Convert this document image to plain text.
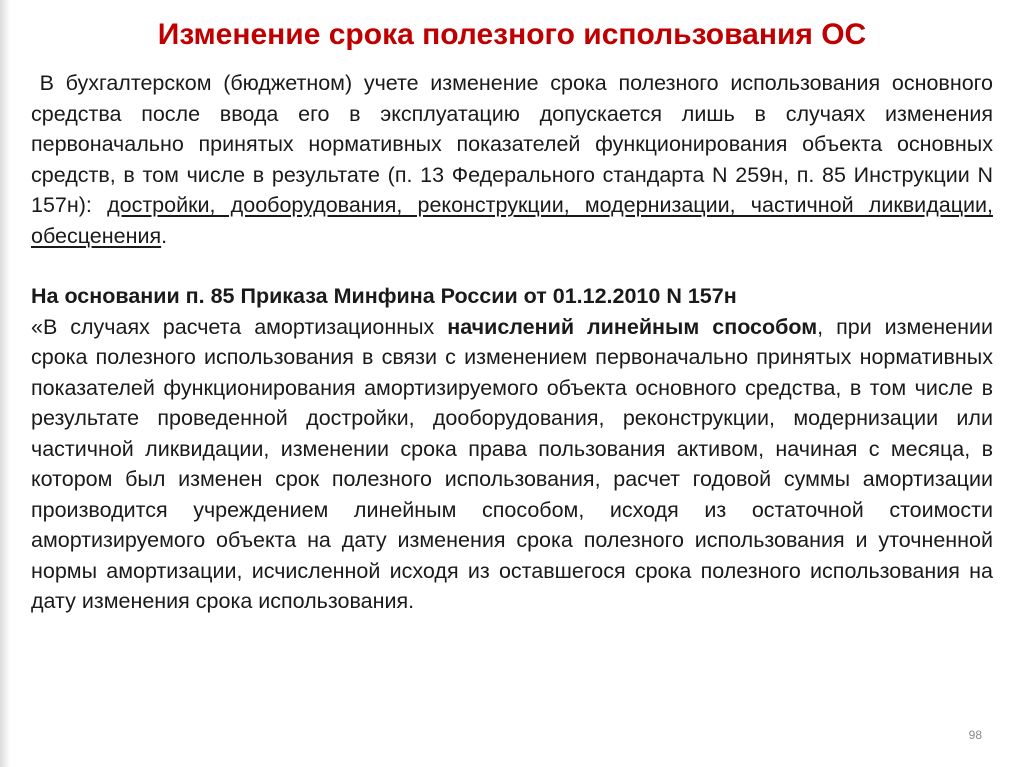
Изменение срока полезного использования ОС

В бухгалтерском (бюджетном) учете изменение срока полезного использования основного средства после ввода его в эксплуатацию допускается лишь в случаях изменения первоначально принятых нормативных показателей функционирования объекта основных средств, в том числе в результате (п. 13 Федерального стандарта N 259н, п. 85 Инструкции N 157н): достройки, дооборудования, реконструкции, модернизации, частичной ликвидации, обесценения.

На основании п. 85 Приказа Минфина России от 01.12.2010 N 157н

«В случаях расчета амортизационных начислений линейным способом, при изменении срока полезного использования в связи с изменением первоначально принятых нормативных показателей функционирования амортизируемого объекта основного средства, в том числе в результате проведенной достройки, дооборудования, реконструкции, модернизации или частичной ликвидации, изменении срока права пользования активом, начиная с месяца, в котором был изменен срок полезного использования, расчет годовой суммы амортизации производится учреждением линейным способом, исходя из остаточной стоимости амортизируемого объекта на дату изменения срока полезного использования и уточненной нормы амортизации, исчисленной исходя из оставшегося срока полезного использования на дату изменения срока использования.

98
